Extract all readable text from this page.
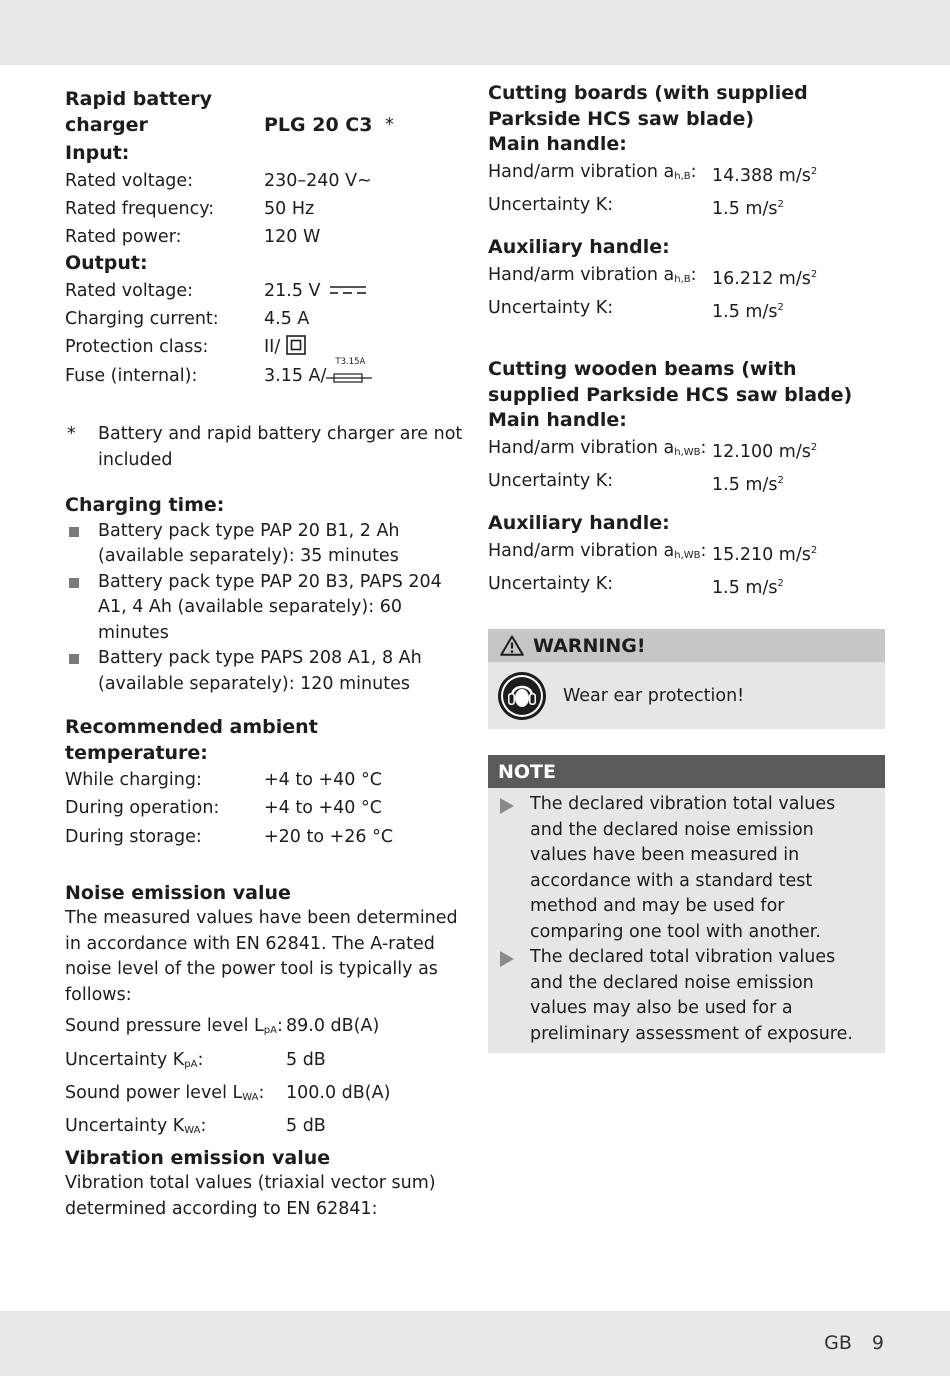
Rapid battery
charger	PLG 20 C3 *
Input:
Rated voltage:	230–240 V~
Rated frequency:	50 Hz
Rated power:	120 W
Output:
Rated voltage:	21.5 V
Charging current:	4.5 A
Protection class:	II/
Fuse (internal):	3.15 A/
T3.15A
* Battery and rapid battery charger are not included
Charging time:
Battery pack type PAP 20 B1, 2 Ah (available separately): 35 minutes
Battery pack type PAP 20 B3, PAPS 204 A1, 4 Ah (available separately): 60 minutes
Battery pack type PAPS 208 A1, 8 Ah (available separately): 120 minutes
Recommended ambient temperature:
While charging:	+4 to +40 °C
During operation:	+4 to +40 °C
During storage:	+20 to +26 °C
Noise emission value
The measured values have been determined in accordance with EN 62841. The A-rated noise level of the power tool is typically as follows:
Sound pressure level $L_{pA}$: 89.0 dB(A)
Uncertainty $K_{pA}$:	5 dB
Sound power level $L_{WA}$:	100.0 dB(A)
Uncertainty $K_{WA}$:	5 dB
Vibration emission value
Vibration total values (triaxial vector sum) determined according to EN 62841:
Cutting boards (with supplied Parkside HCS saw blade)
Main handle:
Hand/arm vibration $a_{h,B}$: 14.388 $m/s^2$
Uncertainty K:	1.5 $m/s^2$
Auxiliary handle:
Hand/arm vibration $a_{h,B}$: 16.212 $m/s^2$
Uncertainty K:	1.5 $m/s^2$
Cutting wooden beams (with supplied Parkside HCS saw blade)
Main handle:
Hand/arm vibration $a_{h,WB}$: 12.100 $m/s^2$
Uncertainty K:	1.5 $m/s^2$
Auxiliary handle:
Hand/arm vibration $a_{h,WB}$: 15.210 $m/s^2$
Uncertainty K:	1.5 $m/s^2$
WARNING!
Wear ear protection!
NOTE
The declared vibration total values and the declared noise emission values have been measured in accordance with a standard test method and may be used for comparing one tool with another.
The declared total vibration values and the declared noise emission values may also be used for a preliminary assessment of exposure.
GB 9
